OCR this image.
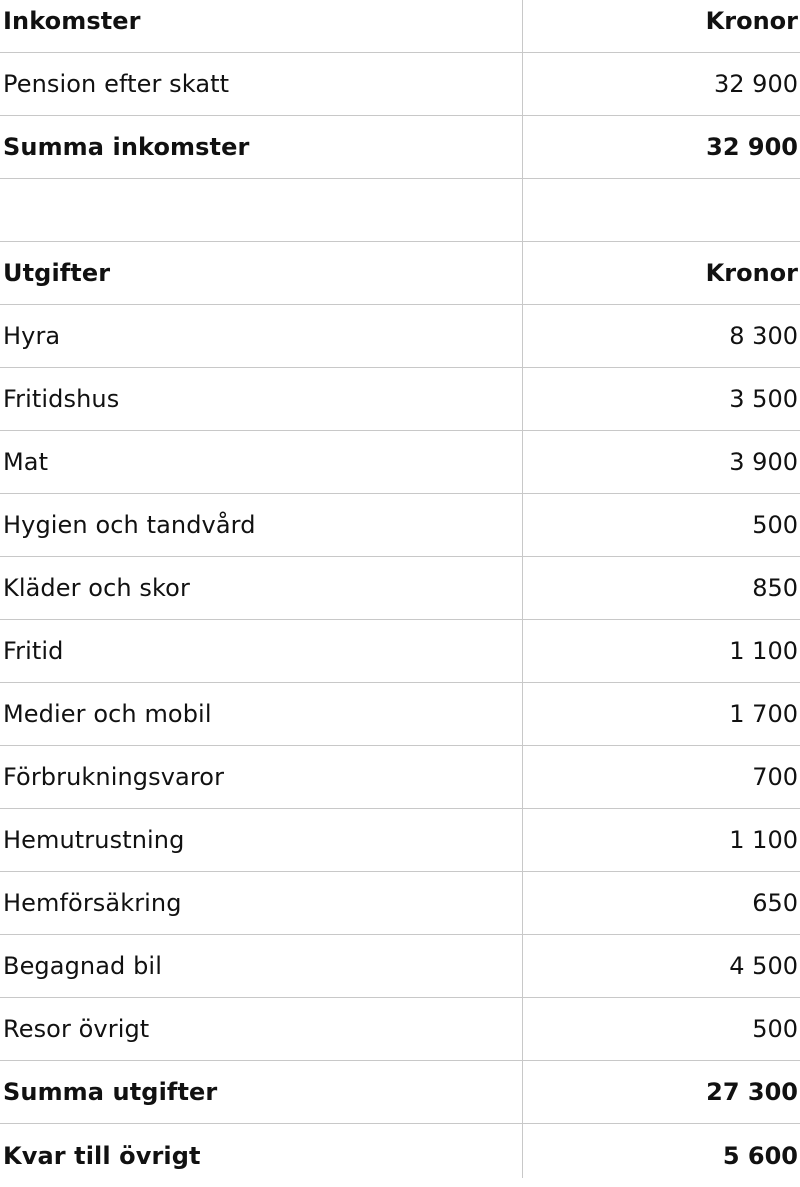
Inkomster	Kronor
Pension efter skatt	32 900
Summa inkomster	32 900
Utgifter	Kronor
Hyra	8 300
Fritidshus	3 500
Mat	3 900
Hygien och tandvård	500
Kläder och skor	850
Fritid	1 100
Medier och mobil	1 700
Förbrukningsvaror	700
Hemutrustning	1 100
Hemförsäkring	650
Begagnad bil	4 500
Resor övrigt	500
Summa utgifter	27 300
Kvar till övrigt	5 600
